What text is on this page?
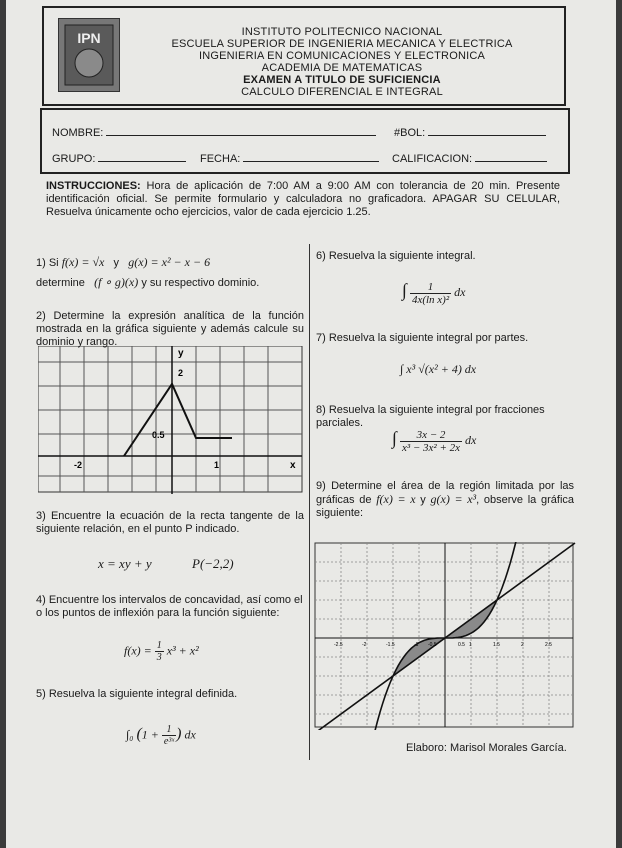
IPN	INSTITUTO POLITECNICO NACIONAL
ESCUELA SUPERIOR DE INGENIERIA MECANICA Y ELECTRICA
INGENIERIA EN COMUNICACIONES Y ELECTRONICA
ACADEMIA DE MATEMATICAS
EXAMEN A TITULO DE SUFICIENCIA
CALCULO DIFERENCIAL E INTEGRAL
NOMBRE:	#BOL:
GRUPO:	FECHA:	CALIFICACION:
INSTRUCCIONES: Hora de aplicación de 7:00 AM a 9:00 AM con tolerancia de 20 min. Presente identificación oficial. Se permite formulario y calculadora no graficadora. APAGAR SU CELULAR, Resuelva únicamente ocho ejercicios, valor de cada ejercicio 1.25.
1) Si f(x) = √x y g(x) = x² − x − 6
determine (f ∘ g)(x) y su respectivo dominio.
2) Determine la expresión analítica de la función mostrada en la gráfica siguiente y además calcule su dominio y rango.
y
x
2
0.5
-2	1
3) Encuentre la ecuación de la recta tangente de la siguiente relación, en el punto P indicado.
x = xy + y	P(−2,2)
4) Encuentre los intervalos de concavidad, así como el o los puntos de inflexión para la función siguiente:
$f(x) = \frac{1}{3} x^3 + x^2$
5) Resuelva la siguiente integral definida.
∫₀ ($1 + \frac{1}{\text{e³ˣ}}$ ) dx
6) Resuelva la siguiente integral.
∫ $\frac{1}{\text{4x(ln x)²}}$ dx
7) Resuelva la siguiente integral por partes.
∫ x³ √(x² + 4) dx
8) Resuelva la siguiente integral por fracciones parciales.
∫ $\frac{3x - 2}{\text{x³ − 3x² + 2x}}$ dx
9) Determine el área de la región limitada por las gráficas de f(x) = x y g(x) = x³, observe la gráfica siguiente:
-2.5	-2	-1.5	-1 -0.5	0.5 1	1.5	2	2.5
Elaboro: Marisol Morales García.
